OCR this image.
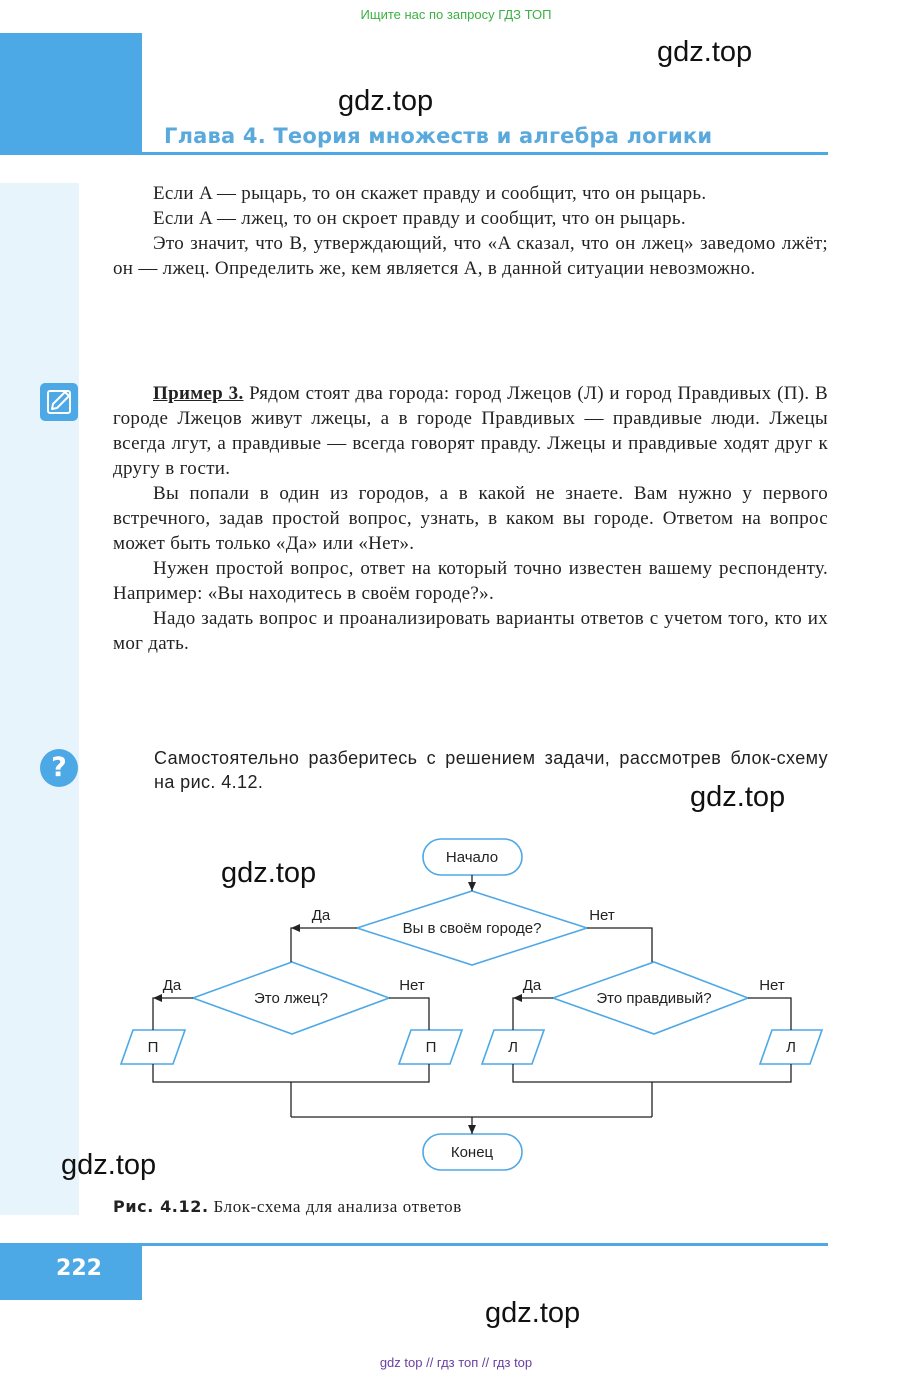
Ищите нас по запросу ГДЗ ТОП
gdz.top
gdz.top
Глава 4. Теория множеств и алгебра логики

Если A — рыцарь, то он скажет правду и сообщит, что он рыцарь.

Если A — лжец, то он скроет правду и сообщит, что он рыцарь.

Это значит, что B, утверждающий, что «A сказал, что он лжец» заведомо лжёт; он — лжец. Определить же, кем является A, в данной ситуации невозможно.

Пример 3. Рядом стоят два города: город Лжецов (Л) и город Правдивых (П). В городе Лжецов живут лжецы, а в городе Правдивых — правдивые люди. Лжецы всегда лгут, а правдивые — всегда говорят правду. Лжецы и правдивые ходят друг к другу в гости.

Вы попали в один из городов, а в какой не знаете. Вам нужно у первого встречного, задав простой вопрос, узнать, в каком вы городе. Ответом на вопрос может быть только «Да» или «Нет».

Нужен простой вопрос, ответ на который точно известен вашему респонденту. Например: «Вы находитесь в своём городе?».

Надо задать вопрос и проанализировать варианты ответов с учетом того, кто их мог дать.

?	Самостоятельно разберитесь с решением задачи, рассмотрев блок-схему на рис. 4.12.	gdz.top
gdz.top	Начало
Вы в своём городе?
Это лжец?	Это правдивый?
Да	Нет
Да	Нет	Да	Нет
П	П	Л	Л
Конец
gdz.top
Рис. 4.12. Блок-схема для анализа ответов
222
gdz.top
gdz top // гдз топ // гдз top
